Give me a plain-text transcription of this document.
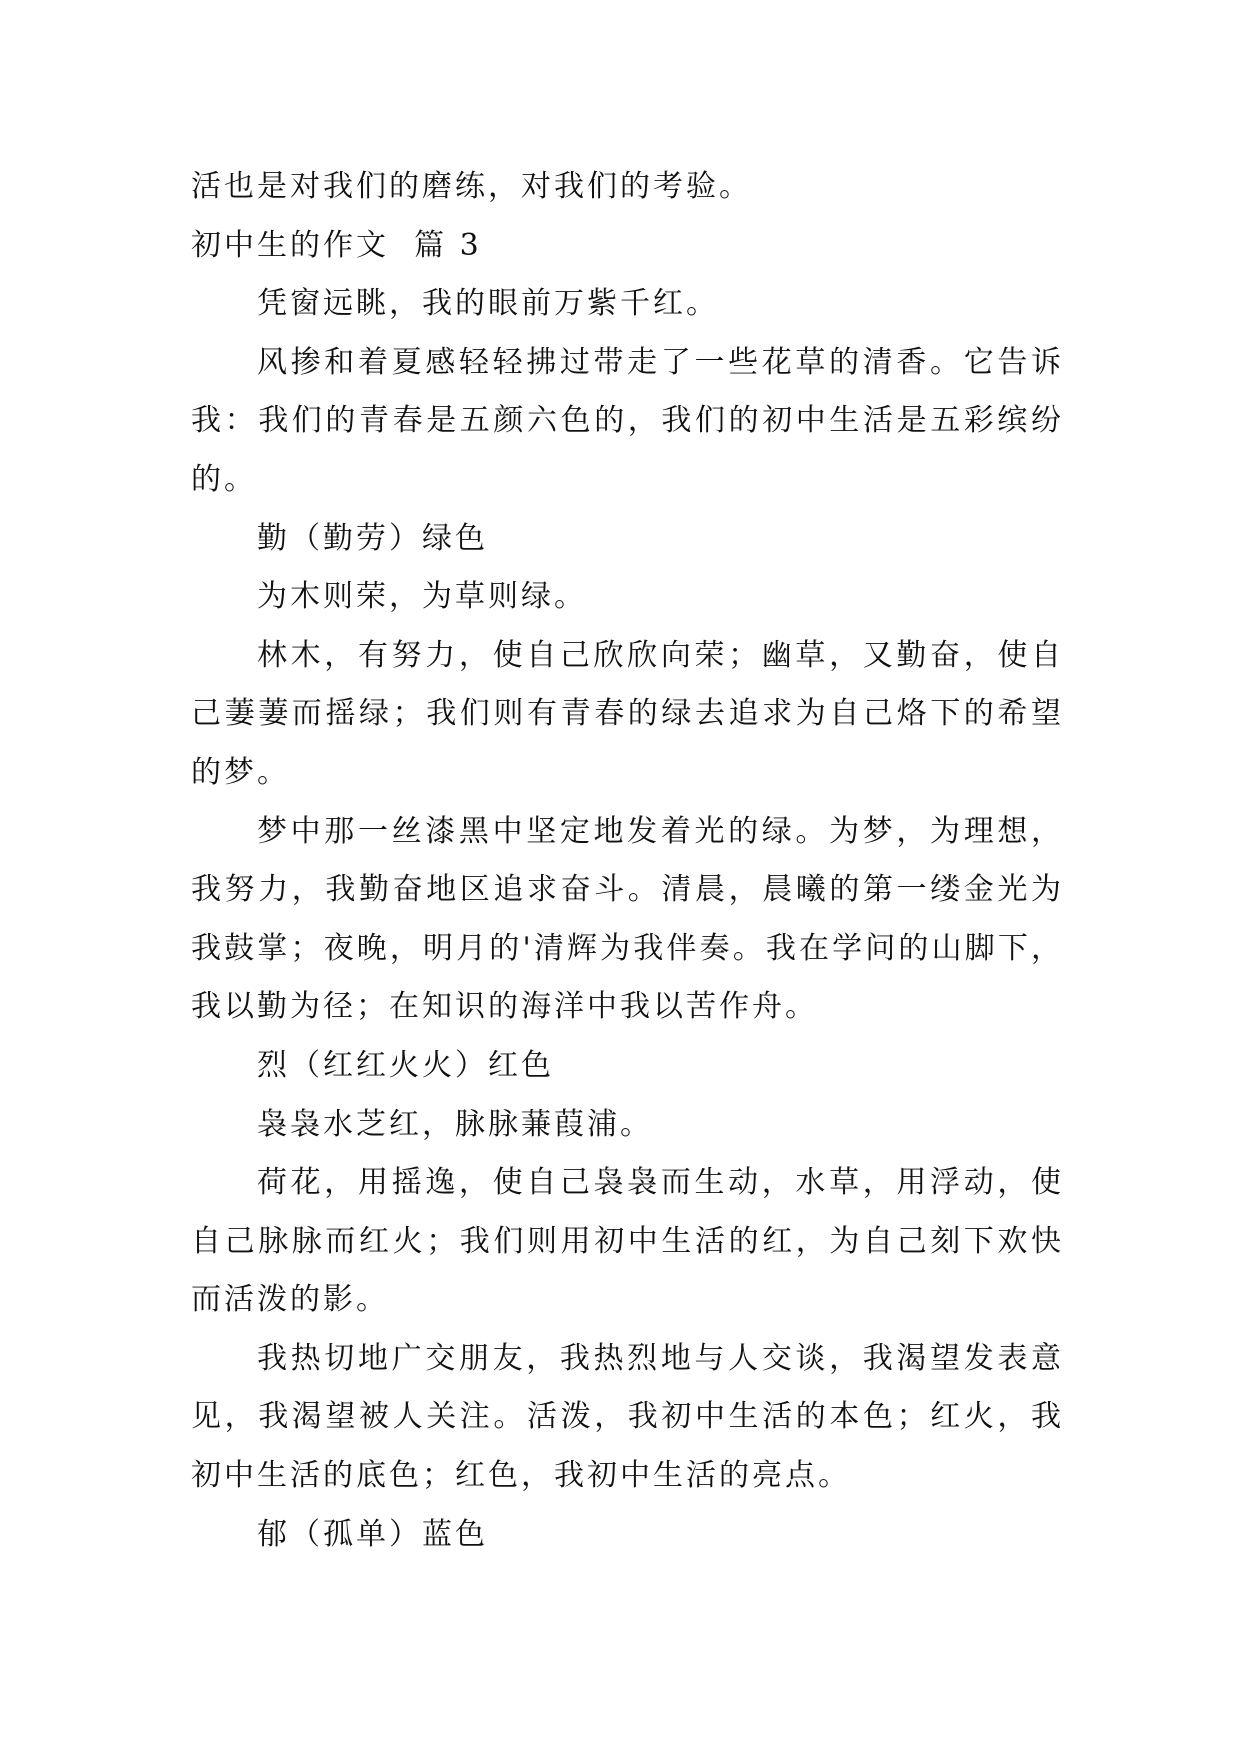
活也是对我们的磨练，对我们的考验。
初中生的作文  篇 3
凭窗远眺，我的眼前万紫千红。
风掺和着夏感轻轻拂过带走了一些花草的清香。它告诉
我：我们的青春是五颜六色的，我们的初中生活是五彩缤纷
的。
勤（勤劳）绿色
为木则荣，为草则绿。
林木，有努力，使自己欣欣向荣；幽草，又勤奋，使自
己萋萋而摇绿；我们则有青春的绿去追求为自己烙下的希望
的梦。
梦中那一丝漆黑中坚定地发着光的绿。为梦，为理想，
我努力，我勤奋地区追求奋斗。清晨，晨曦的第一缕金光为
我鼓掌；夜晚，明月的'清辉为我伴奏。我在学问的山脚下，
我以勤为径；在知识的海洋中我以苦作舟。
烈（红红火火）红色
袅袅水芝红，脉脉蒹葭浦。
荷花，用摇逸，使自己袅袅而生动，水草，用浮动，使
自己脉脉而红火；我们则用初中生活的红，为自己刻下欢快
而活泼的影。
我热切地广交朋友，我热烈地与人交谈，我渴望发表意
见，我渴望被人关注。活泼，我初中生活的本色；红火，我
初中生活的底色；红色，我初中生活的亮点。
郁（孤单）蓝色
